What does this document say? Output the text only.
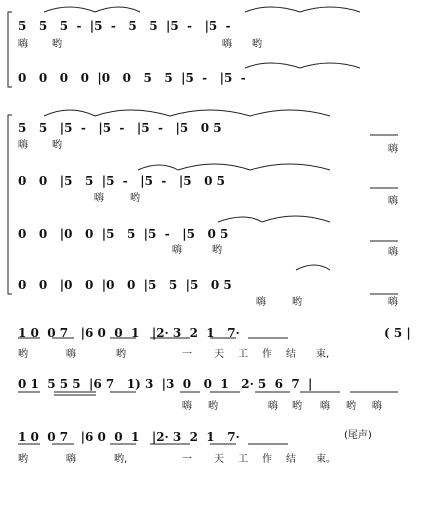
5   5   5  -  |5  -   5   5  |5  -   |5  -
嗨 哟	嗨 哟
0   0   0   0  |0   0   5   5  |5  -   |5  -
5   5   |5  -   |5  -   |5  -   |5   0 5
嗨 哟	嗨
0   0   |5   5  |5  -   |5  -   |5   0 5
嗨	哟	嗨
0   0   |0   0  |5   5  |5  -   |5   0 5
嗨	哟	嗨
0   0   |0   0  |0   0  |5   5  |5   0 5
嗨	哟	嗨
1 0  0 7   |6 0  0  1   |2· 3  2  1   7·	( 5 |
哟	嗨	哟	一 天 工 作 结 束,
0 1  5 5 5  |6 7   1) 3  |3  0   0  1   2· 5  6  7  |
嗨 哟	嗨 哟 嗨 哟 嗨
1 0  0 7   |6 0  0  1   |2· 3  2  1   7·	(尾声)
哟	嗨	哟,	一 天 工 作 结 束。
